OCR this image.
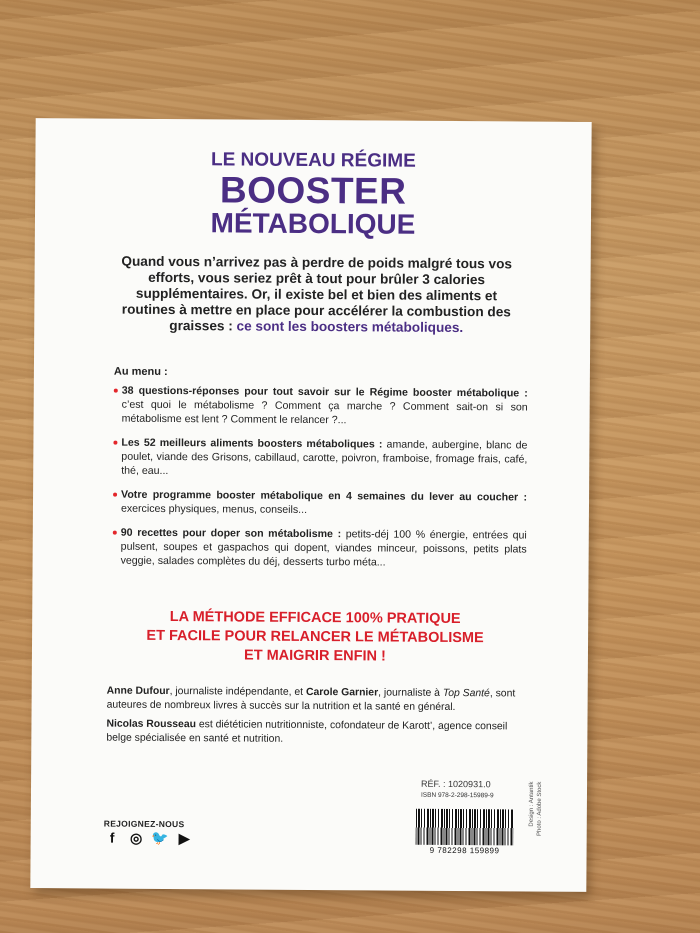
LE NOUVEAU RÉGIME
BOOSTER
MÉTABOLIQUE
Quand vous n’arrivez pas à perdre de poids malgré tous vos efforts, vous seriez prêt à tout pour brûler 3 calories supplémentaires. Or, il existe bel et bien des aliments et routines à mettre en place pour accélérer la combustion des graisses : ce sont les boosters métaboliques.
Au menu :
38 questions-réponses pour tout savoir sur le Régime booster métabolique : c’est quoi le métabolisme ? Comment ça marche ? Comment sait-on si son métabolisme est lent ? Comment le relancer ?...
Les 52 meilleurs aliments boosters métaboliques : amande, aubergine, blanc de poulet, viande des Grisons, cabillaud, carotte, poivron, framboise, fromage frais, café, thé, eau...
Votre programme booster métabolique en 4 semaines du lever au coucher : exercices physiques, menus, conseils...
90 recettes pour doper son métabolisme : petits-déj 100 % énergie, entrées qui pulsent, soupes et gaspachos qui dopent, viandes minceur, poissons, petits plats veggie, salades complètes du déj, desserts turbo méta...
LA MÉTHODE EFFICACE 100% PRATIQUE
ET FACILE POUR RELANCER LE MÉTABOLISME
ET MAIGRIR ENFIN !

Anne Dufour, journaliste indépendante, et Carole Garnier, journaliste à Top Santé, sont auteures de nombreux livres à succès sur la nutrition et la santé en général.

Nicolas Rousseau est diététicien nutritionniste, cofondateur de Karott’, agence conseil belge spécialisée en santé et nutrition.

REJOIGNEZ-NOUS
f	◎ 🐦 ▶
RÉF. : 1020931.0
ISBN 978-2-298-15989-9
9 782298 159899
Design : Antantik Photo : Adobe Stock
